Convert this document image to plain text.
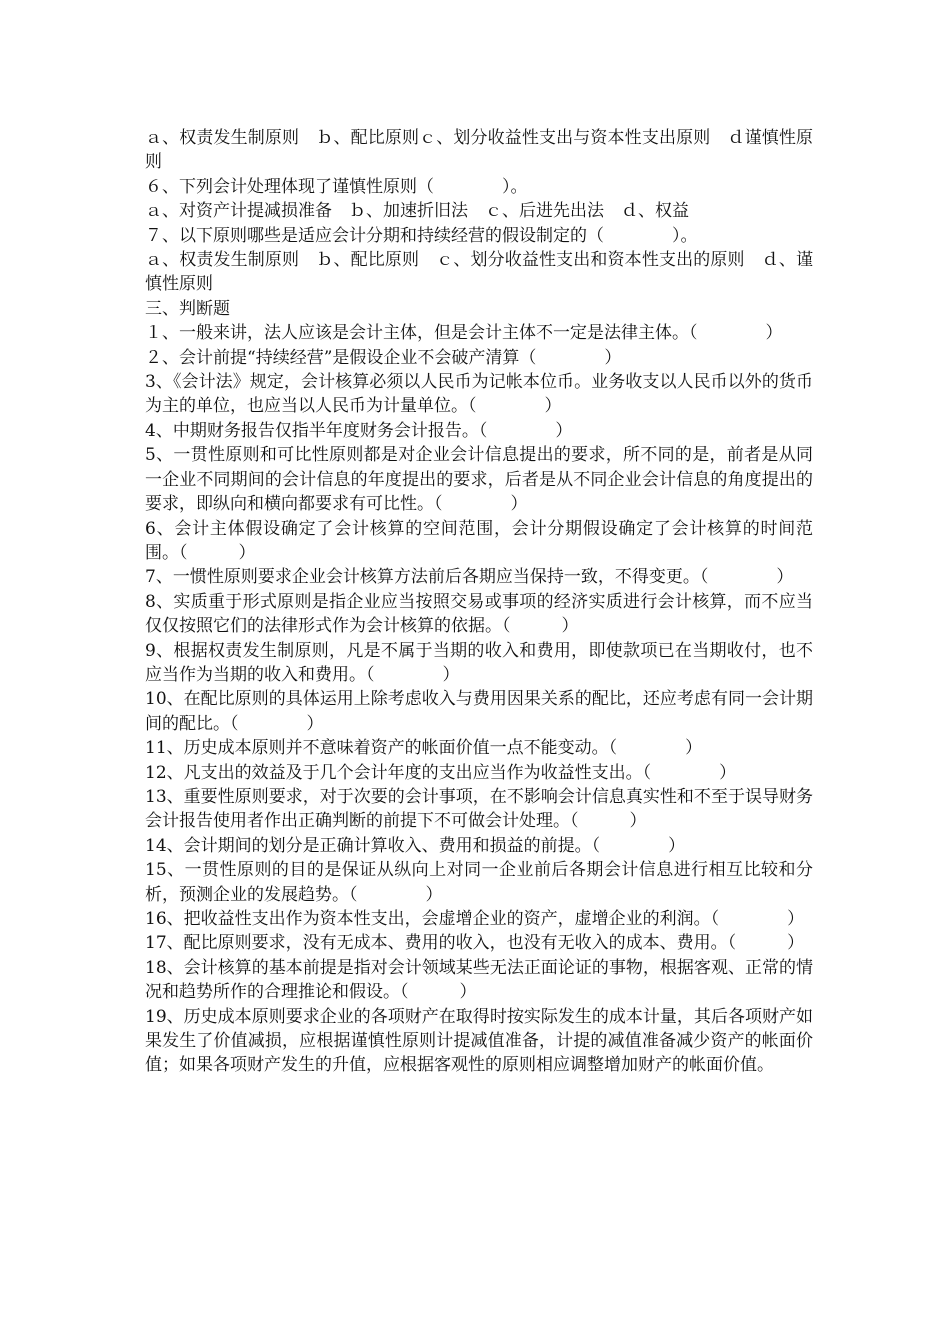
ａ、权责发生制原则　ｂ、配比原则ｃ、划分收益性支出与资本性支出原则　ｄ谨慎性原则

６、下列会计处理体现了谨慎性原则（　　　　）。

ａ、对资产计提减损准备　ｂ、加速折旧法　ｃ、后进先出法　ｄ、权益

７、以下原则哪些是适应会计分期和持续经营的假设制定的（　　　　）。

ａ、权责发生制原则　ｂ、配比原则　ｃ、划分收益性支出和资本性支出的原则　ｄ、谨慎性原则

三、判断题

１、一般来讲，法人应该是会计主体，但是会计主体不一定是法律主体。（　　　　）

２、会计前提“持续经营”是假设企业不会破产清算（　　　　）

3、《会计法》规定，会计核算必须以人民币为记帐本位币。业务收支以人民币以外的货币为主的单位，也应当以人民币为计量单位。（　　　　）

4、中期财务报告仅指半年度财务会计报告。（　　　　）

5、一贯性原则和可比性原则都是对企业会计信息提出的要求，所不同的是，前者是从同一企业不同期间的会计信息的年度提出的要求，后者是从不同企业会计信息的角度提出的要求，即纵向和横向都要求有可比性。（　　　　）

6、会计主体假设确定了会计核算的空间范围，会计分期假设确定了会计核算的时间范围。（　　　）

7、一惯性原则要求企业会计核算方法前后各期应当保持一致，不得变更。（　　　　）

8、实质重于形式原则是指企业应当按照交易或事项的经济实质进行会计核算，而不应当仅仅按照它们的法律形式作为会计核算的依据。（　　　）

9、根据权责发生制原则，凡是不属于当期的收入和费用，即使款项已在当期收付，也不应当作为当期的收入和费用。（　　　　）

10、在配比原则的具体运用上除考虑收入与费用因果关系的配比，还应考虑有同一会计期间的配比。（　　　　）

11、历史成本原则并不意味着资产的帐面价值一点不能变动。（　　　　）

12、凡支出的效益及于几个会计年度的支出应当作为收益性支出。（　　　　）

13、重要性原则要求，对于次要的会计事项，在不影响会计信息真实性和不至于误导财务会计报告使用者作出正确判断的前提下不可做会计处理。（　　　）

14、会计期间的划分是正确计算收入、费用和损益的前提。（　　　　）

15、一贯性原则的目的是保证从纵向上对同一企业前后各期会计信息进行相互比较和分析，预测企业的发展趋势。（　　　　）

16、把收益性支出作为资本性支出，会虚增企业的资产，虚增企业的利润。（　　　　）

17、配比原则要求，没有无成本、费用的收入，也没有无收入的成本、费用。（　　　）

18、会计核算的基本前提是指对会计领域某些无法正面论证的事物，根据客观、正常的情况和趋势所作的合理推论和假设。（　　　）

19、历史成本原则要求企业的各项财产在取得时按实际发生的成本计量，其后各项财产如果发生了价值减损，应根据谨慎性原则计提减值准备，计提的减值准备减少资产的帐面价值；如果各项财产发生的升值，应根据客观性的原则相应调整增加财产的帐面价值。
